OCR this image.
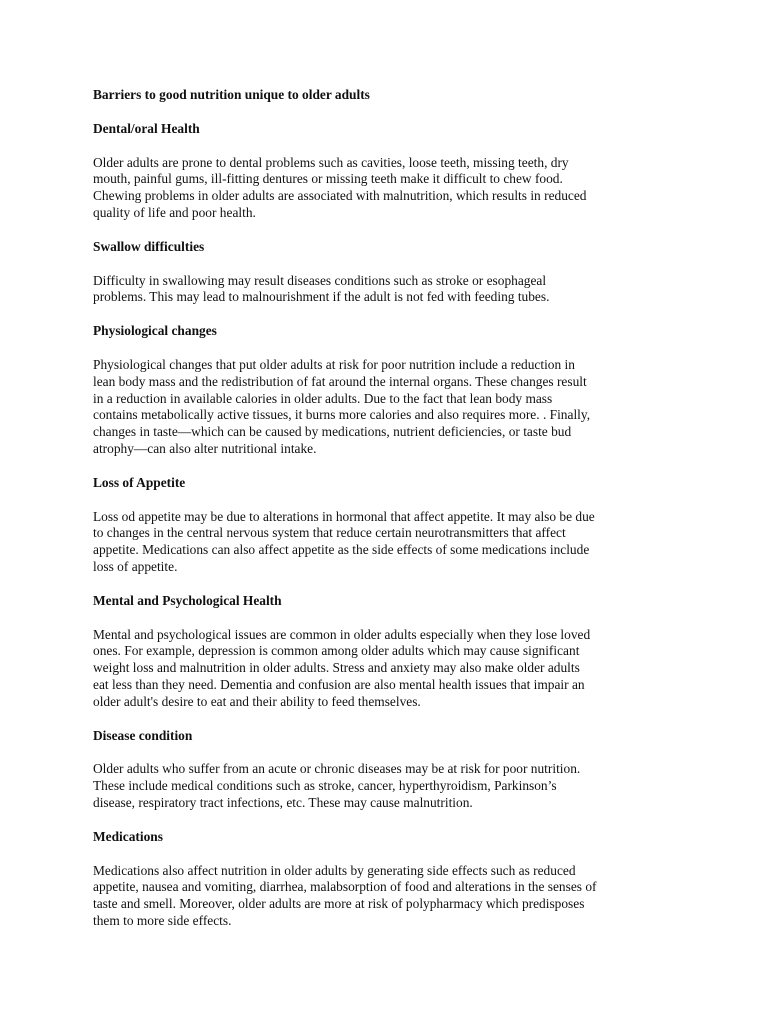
Barriers to good nutrition unique to older adults

Dental/oral Health

Older adults are prone to dental problems such as cavities, loose teeth, missing teeth, dry
mouth, painful gums, ill-fitting dentures or missing teeth make it difficult to chew food.
Chewing problems in older adults are associated with malnutrition, which results in reduced
quality of life and poor health.

Swallow difficulties

Difficulty in swallowing may result diseases conditions such as stroke or esophageal
problems. This may lead to malnourishment if the adult is not fed with feeding tubes.

Physiological changes

Physiological changes that put older adults at risk for poor nutrition include a reduction in
lean body mass and the redistribution of fat around the internal organs. These changes result
in a reduction in available calories in older adults. Due to the fact that lean body mass
contains metabolically active tissues, it burns more calories and also requires more. . Finally,
changes in taste—which can be caused by medications, nutrient deficiencies, or taste bud
atrophy—can also alter nutritional intake.

Loss of Appetite

Loss od appetite may be due to alterations in hormonal that affect appetite. It may also be due
to changes in the central nervous system that reduce certain neurotransmitters that affect
appetite. Medications can also affect appetite as the side effects of some medications include
loss of appetite.

Mental and Psychological Health

Mental and psychological issues are common in older adults especially when they lose loved
ones. For example, depression is common among older adults which may cause significant
weight loss and malnutrition in older adults. Stress and anxiety may also make older adults
eat less than they need. Dementia and confusion are also mental health issues that impair an
older adult's desire to eat and their ability to feed themselves.

Disease condition

Older adults who suffer from an acute or chronic diseases may be at risk for poor nutrition.
These include medical conditions such as stroke, cancer, hyperthyroidism, Parkinson’s
disease, respiratory tract infections, etc. These may cause malnutrition.

Medications

Medications also affect nutrition in older adults by generating side effects such as reduced
appetite, nausea and vomiting, diarrhea, malabsorption of food and alterations in the senses of
taste and smell. Moreover, older adults are more at risk of polypharmacy which predisposes
them to more side effects.
